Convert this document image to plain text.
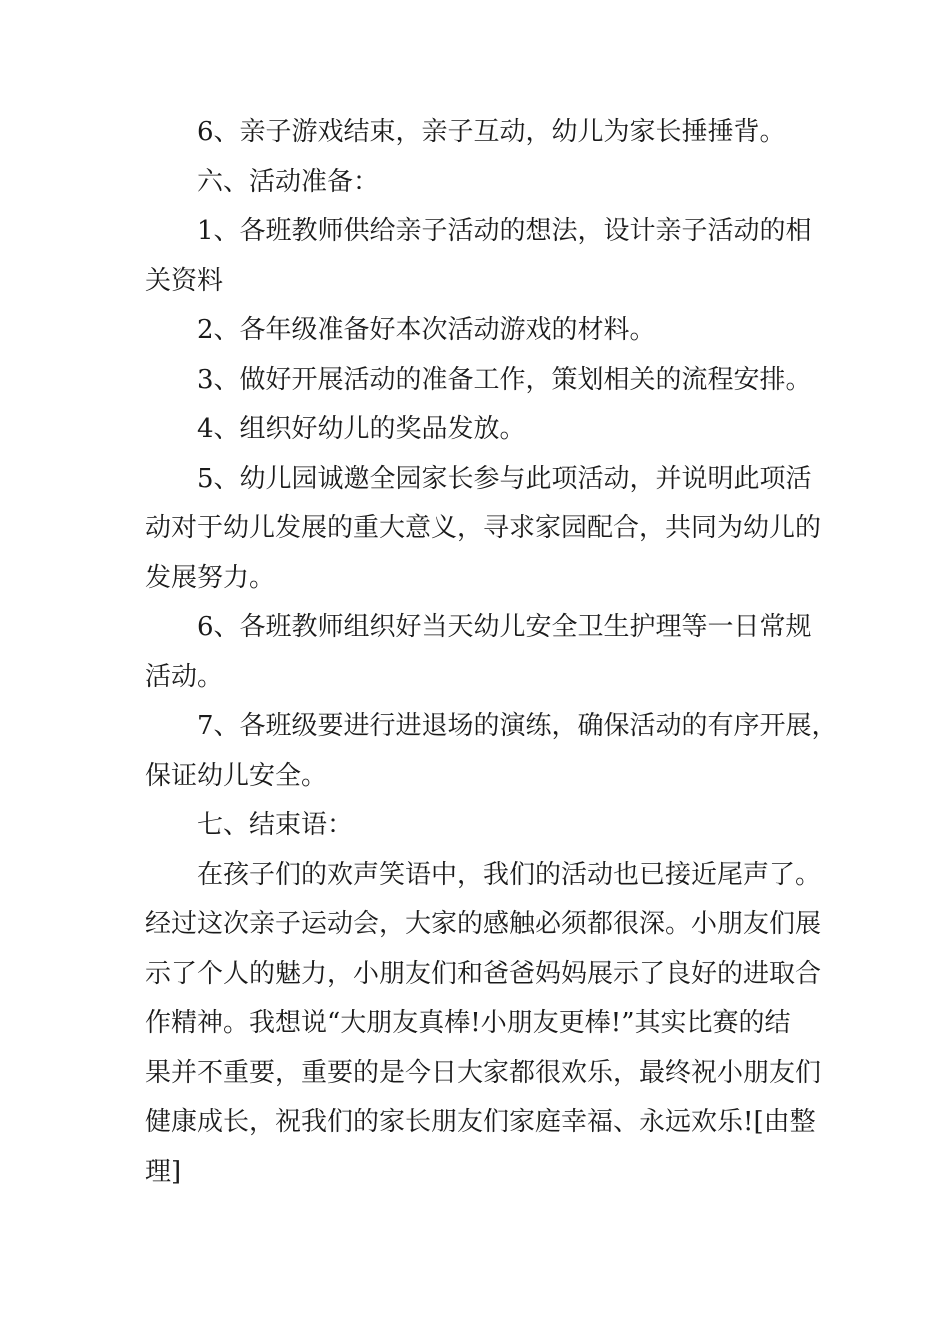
6、亲子游戏结束，亲子互动，幼儿为家长捶捶背。
六、活动准备：
1、各班教师供给亲子活动的想法，设计亲子活动的相
关资料
2、各年级准备好本次活动游戏的材料。
3、做好开展活动的准备工作，策划相关的流程安排。
4、组织好幼儿的奖品发放。
5、幼儿园诚邀全园家长参与此项活动，并说明此项活
动对于幼儿发展的重大意义，寻求家园配合，共同为幼儿的
发展努力。
6、各班教师组织好当天幼儿安全卫生护理等一日常规
活动。
7、各班级要进行进退场的演练，确保活动的有序开展，
保证幼儿安全。
七、结束语：
在孩子们的欢声笑语中，我们的活动也已接近尾声了。
经过这次亲子运动会，大家的感触必须都很深。小朋友们展
示了个人的魅力，小朋友们和爸爸妈妈展示了良好的进取合
作精神。我想说“大朋友真棒!小朋友更棒!”其实比赛的结
果并不重要，重要的是今日大家都很欢乐，最终祝小朋友们
健康成长，祝我们的家长朋友们家庭幸福、永远欢乐![由整
理]
